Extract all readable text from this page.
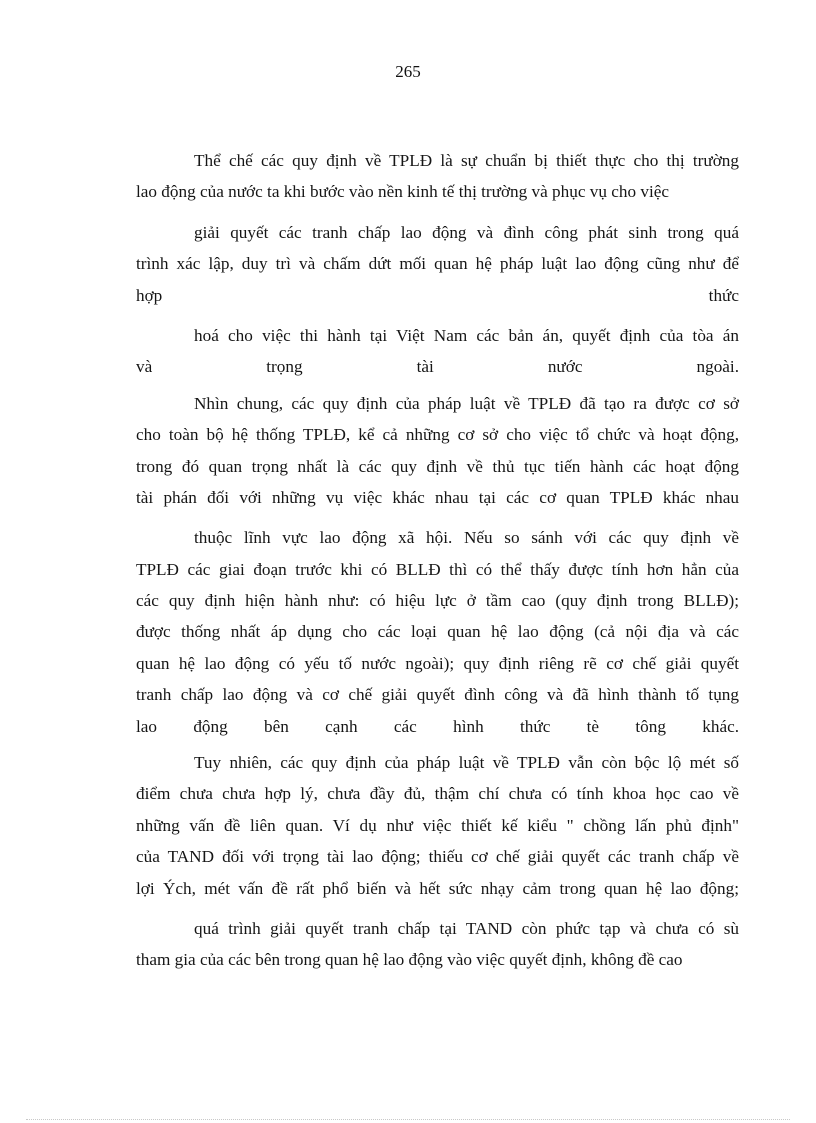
265
Thể chế các quy định về TPLĐ là sự chuẩn bị thiết thực cho thị trường
lao động của nước ta khi bước vào nền kinh tế thị trường và phục vụ cho việc
giải quyết các tranh chấp lao động và đình công phát sinh trong quá
trình xác lập, duy trì và chấm dứt mối quan hệ pháp luật lao động cũng như để
hợp thức
hoá cho việc thi hành tại Việt Nam các bản án, quyết định của tòa án
và trọng tài nước ngoài.
Nhìn chung, các quy định của pháp luật về TPLĐ đã tạo ra được cơ sở
cho toàn bộ hệ thống TPLĐ, kể cả những cơ sở cho việc tổ chức và hoạt động,
trong đó quan trọng nhất là các quy định về thủ tục tiến hành các hoạt động
tài phán đối với những vụ việc khác nhau tại các cơ quan TPLĐ khác nhau
thuộc lĩnh vực lao động xã hội. Nếu so sánh với các quy định về
TPLĐ các giai đoạn trước khi có BLLĐ thì có thể thấy được tính hơn hẳn của
các quy định hiện hành như: có hiệu lực ở tầm cao (quy định trong BLLĐ);
được thống nhất áp dụng cho các loại quan hệ lao động (cả nội địa và các
quan hệ lao động có yếu tố nước ngoài); quy định riêng rẽ cơ chế giải quyết
tranh chấp lao động và cơ chế giải quyết đình công và đã hình thành tố tụng
lao động bên cạnh các hình thức tè tông khác.
Tuy nhiên, các quy định của pháp luật về TPLĐ vẫn còn bộc lộ mét số
điểm chưa chưa hợp lý, chưa đầy đủ, thậm chí chưa có tính khoa học cao về
những vấn đề liên quan. Ví dụ như việc thiết kế kiểu " chồng lấn phủ định"
của TAND đối với trọng tài lao động; thiếu cơ chế giải quyết các tranh chấp về
lợi Ých, mét vấn đề rất phổ biến và hết sức nhạy cảm trong quan hệ lao động;
quá trình giải quyết tranh chấp tại TAND còn phức tạp và chưa có sù
tham gia của các bên trong quan hệ lao động vào việc quyết định, không đề cao
